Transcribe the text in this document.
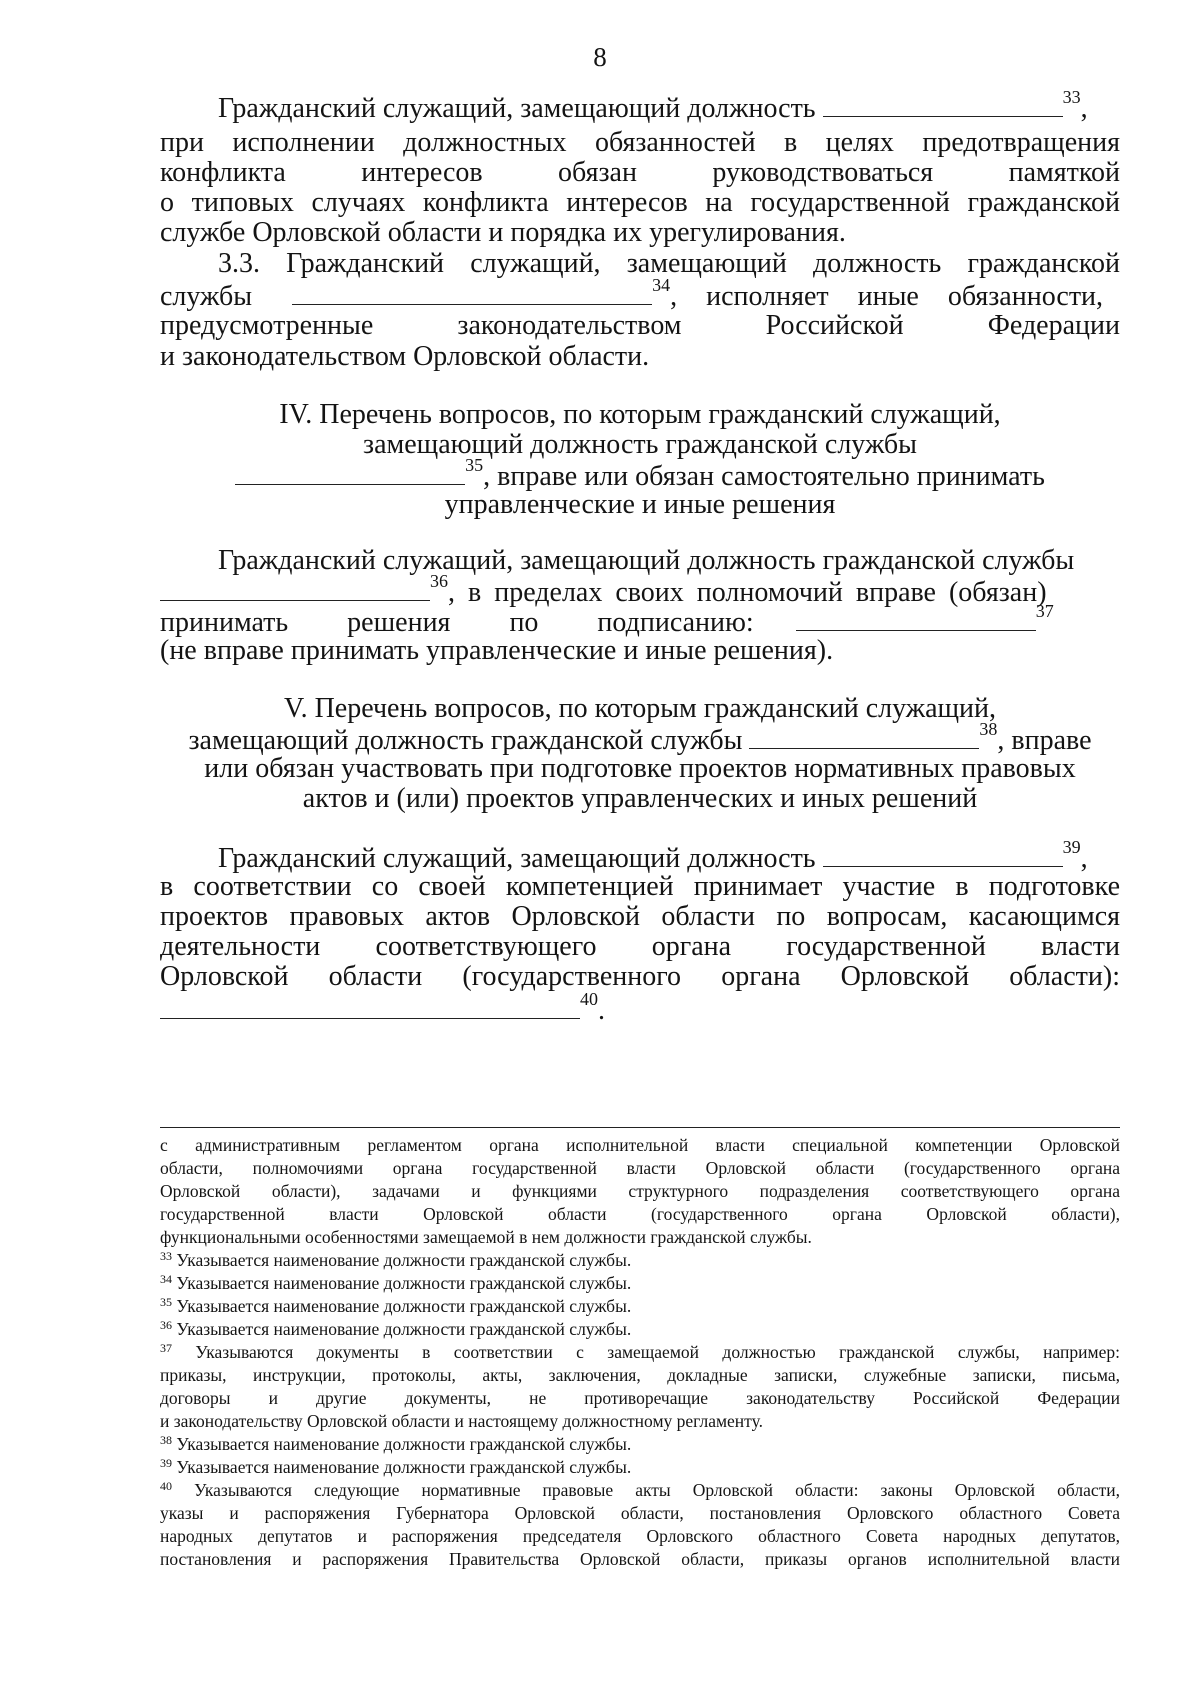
8
Гражданский служащий, замещающий должность	$^{33}$,
при исполнении должностных обязанностей в целях предотвращения
конфликта интересов обязан руководствоваться памяткой
о типовых случаях конфликта интересов на государственной гражданской
службе Орловской области и порядка их урегулирования.
3.3. Гражданский служащий, замещающий должность гражданской
службы	$^{34}$, исполняет иные обязанности,
предусмотренные законодательством Российской Федерации
и законодательством Орловской области.
IV. Перечень вопросов, по которым гражданский служащий,
замещающий должность гражданской службы
$^{35}$, вправе или обязан самостоятельно принимать
управленческие и иные решения
Гражданский служащий, замещающий должность гражданской службы
$^{36}$, в пределах своих полномочий вправе (обязан)
принимать решения по подписанию:	$^{37}$
(не вправе принимать управленческие и иные решения).
V. Перечень вопросов, по которым гражданский служащий,
замещающий должность гражданской службы	$^{38}$, вправе
или обязан участвовать при подготовке проектов нормативных правовых
актов и (или) проектов управленческих и иных решений
Гражданский служащий, замещающий должность	$^{39}$,
в соответствии со своей компетенцией принимает участие в подготовке
проектов правовых актов Орловской области по вопросам, касающимся
деятельности соответствующего органа государственной власти
Орловской области (государственного органа Орловской области):
$^{40}$.
с административным регламентом органа исполнительной власти специальной компетенции Орловской
области, полномочиями органа государственной власти Орловской области (государственного органа
Орловской области), задачами и функциями структурного подразделения соответствующего органа
государственной власти Орловской области (государственного органа Орловской области),
функциональными особенностями замещаемой в нем должности гражданской службы.
$^{33}$ Указывается наименование должности гражданской службы.
$^{34}$ Указывается наименование должности гражданской службы.
$^{35}$ Указывается наименование должности гражданской службы.
$^{36}$ Указывается наименование должности гражданской службы.
$^{37}$ Указываются документы в соответствии с замещаемой должностью гражданской службы, например:
приказы, инструкции, протоколы, акты, заключения, докладные записки, служебные записки, письма,
договоры и другие документы, не противоречащие законодательству Российской Федерации
и законодательству Орловской области и настоящему должностному регламенту.
$^{38}$ Указывается наименование должности гражданской службы.
$^{39}$ Указывается наименование должности гражданской службы.
$^{40}$ Указываются следующие нормативные правовые акты Орловской области: законы Орловской области,
указы и распоряжения Губернатора Орловской области, постановления Орловского областного Совета
народных депутатов и распоряжения председателя Орловского областного Совета народных депутатов,
постановления и распоряжения Правительства Орловской области, приказы органов исполнительной власти
